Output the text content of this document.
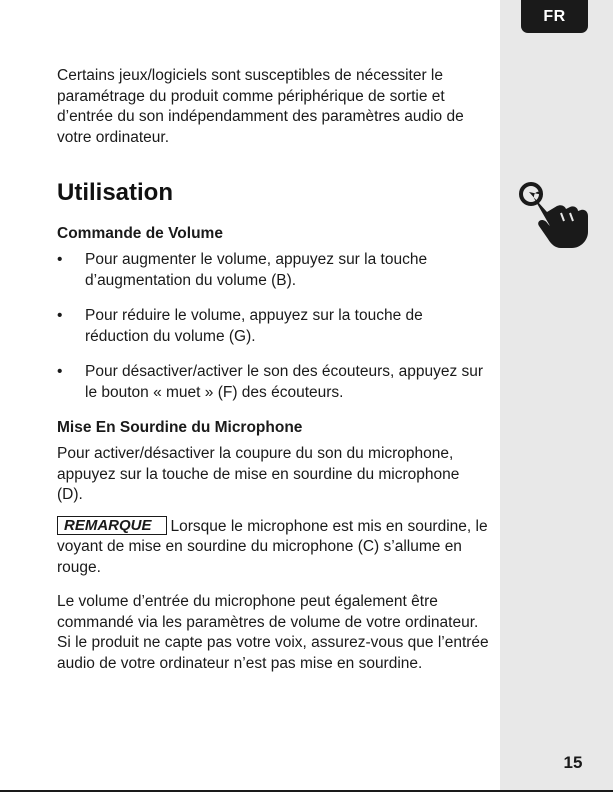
FR

Certains jeux/logiciels sont susceptibles de nécessiter le paramétrage du produit comme périphérique de sortie et d’entrée du son indépendamment des paramètres audio de votre ordinateur.

Utilisation
Commande de Volume
• Pour augmenter le volume, appuyez sur la touche d’augmentation du volume (B).
• Pour réduire le volume, appuyez sur la touche de réduction du volume (G).
• Pour désactiver/activer le son des écouteurs, appuyez sur le bouton « muet » (F) des écouteurs.
Mise En Sourdine du Microphone

Pour activer/désactiver la coupure du son du microphone, appuyez sur la touche de mise en sourdine du microphone (D).

REMARQUE Lorsque le microphone est mis en sourdine, le voyant de mise en sourdine du microphone (C) s’allume en rouge.

Le volume d’entrée du microphone peut également être commandé via les paramètres de volume de votre ordinateur. Si le produit ne capte pas votre voix, assurez-vous que l’entrée audio de votre ordinateur n’est pas mise en sourdine.

15
